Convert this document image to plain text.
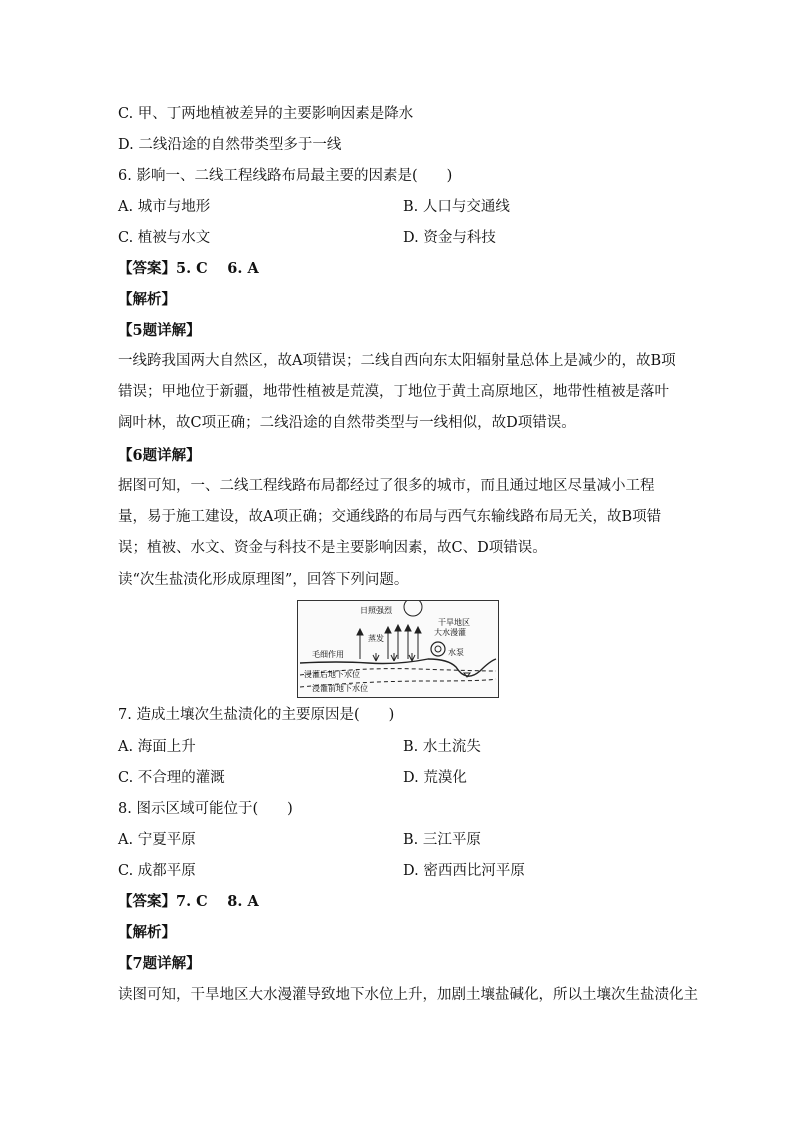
C. 甲、丁两地植被差异的主要影响因素是降水
D. 二线沿途的自然带类型多于一线
6. 影响一、二线工程线路布局最主要的因素是(　　)
A. 城市与地形	B. 人口与交通线
C. 植被与水文	D. 资金与科技
【答案】5. C　 6. A
【解析】
【5题详解】
一线跨我国两大自然区，故A项错误；二线自西向东太阳辐射量总体上是减少的，故B项错误；甲地位于新疆，地带性植被是荒漠，丁地位于黄土高原地区，地带性植被是落叶阔叶林，故C项正确；二线沿途的自然带类型与一线相似，故D项错误。
【6题详解】
据图可知，一、二线工程线路布局都经过了很多的城市，而且通过地区尽量减小工程量，易于施工建设，故A项正确；交通线路的布局与西气东输线路布局无关，故B项错误；植被、水文、资金与科技不是主要影响因素，故C、D项错误。
读“次生盐渍化形成原理图”，回答下列问题。
日照强烈
干旱地区
大水漫灌
蒸发
毛细作用	水泵
浸灌后地下水位
浸灌前地下水位
7. 造成土壤次生盐渍化的主要原因是(　　)
A. 海面上升	B. 水土流失
C. 不合理的灌溉	D. 荒漠化
8. 图示区域可能位于(　　)
A. 宁夏平原	B. 三江平原
C. 成都平原	D. 密西西比河平原
【答案】7. C　 8. A
【解析】
【7题详解】
读图可知，干旱地区大水漫灌导致地下水位上升，加剧土壤盐碱化，所以土壤次生盐渍化主
